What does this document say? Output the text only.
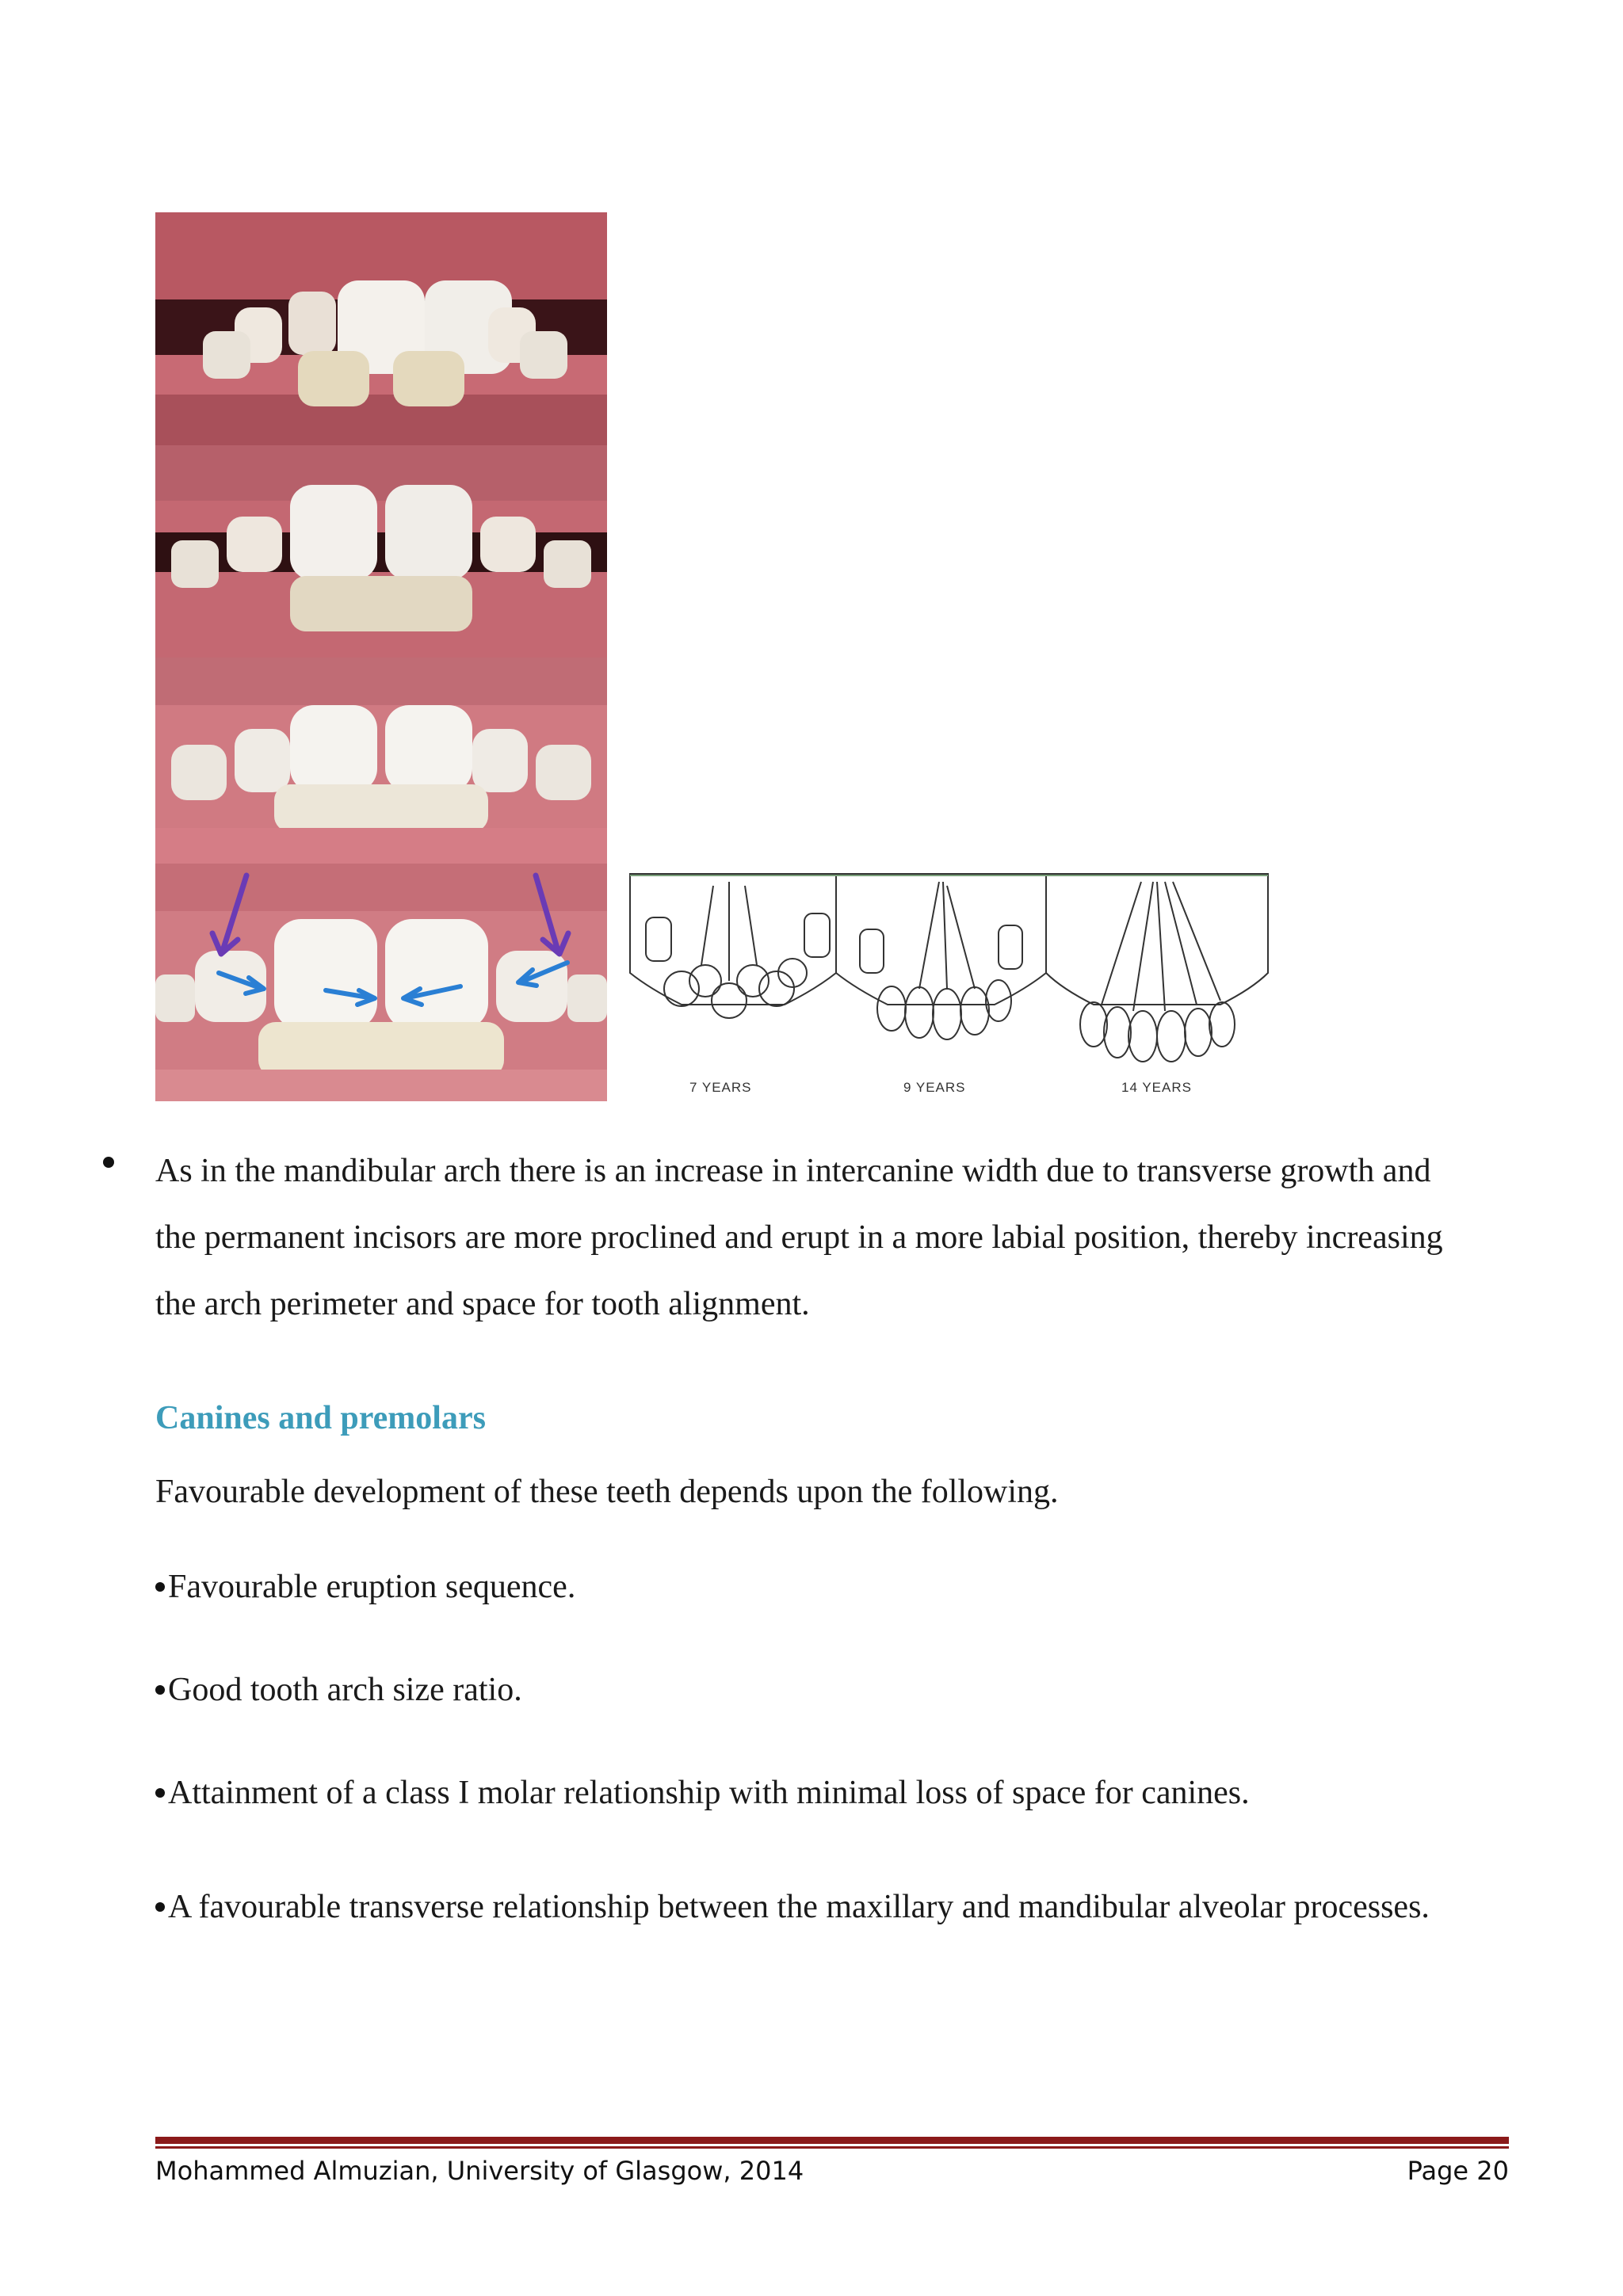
7 YEARS	9 YEARS	14 YEARS
As in the mandibular arch there is an increase in intercanine width due to transverse growth and the permanent incisors are more proclined and erupt in a more labial position, thereby increasing the arch perimeter and space for tooth alignment.
Canines and premolars
Favourable development of these teeth depends upon the following.
Favourable eruption sequence.
Good tooth arch size ratio.
Attainment of a class I molar relationship with minimal loss of space for canines.
A favourable transverse relationship between the maxillary and mandibular alveolar processes.
Mohammed Almuzian, University of Glasgow, 2014	Page 20
